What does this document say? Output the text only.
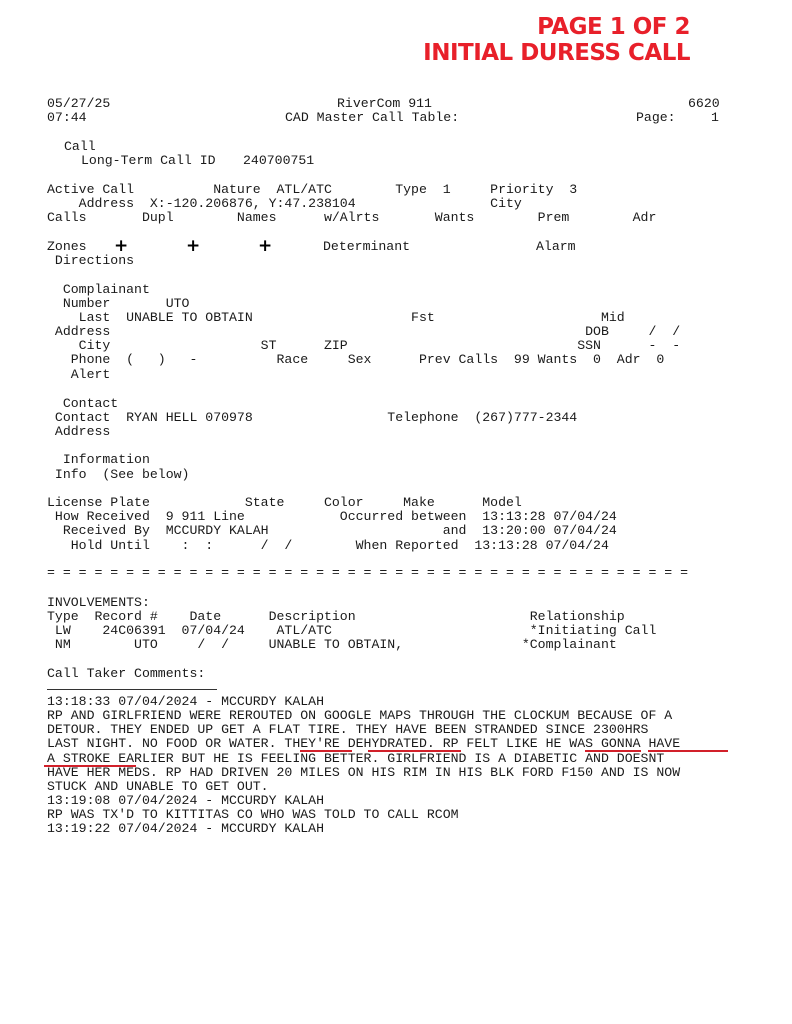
PAGE 1 OF 2
INITIAL DURESS CALL
05/27/25
07:44
RiverCom 911
CAD Master Call Table:
6620
Page:	1
Call
Long-Term Call ID 240700751
Active Call          Nature  ATL/ATC        Type  1     Priority  3
Address  X:-120.206876, Y:47.238104                 City
Calls       Dupl        Names      w/Alrts       Wants        Prem        Adr
Zones +	+	+	Determinant	Alarm
Directions
Complainant
Number       UTO
Last  UNABLE TO OBTAIN                    Fst                     Mid
Address                                                            DOB     /  /
City                   ST      ZIP                             SSN      -  -
Phone  (   )   -          Race     Sex      Prev Calls  99 Wants  0  Adr  0
Alert
Contact
Contact  RYAN HELL 070978                 Telephone  (267)777-2344
Address
Information
Info  (See below)
License Plate            State     Color     Make      Model
How Received  9 911 Line            Occurred between  13:13:28 07/04/24
Received By  MCCURDY KALAH                      and  13:20:00 07/04/24
Hold Until    :  :      /  /        When Reported  13:13:28 07/04/24
= = = = = = = = = = = = = = = = = = = = = = = = = = = = = = = = = = = = = = = = =
INVOLVEMENTS:
Type  Record #    Date      Description                      Relationship
LW    24C06391  07/04/24    ATL/ATC                         *Initiating Call
NM        UTO     /  /     UNABLE TO OBTAIN,               *Complainant
Call Taker Comments:
13:18:33 07/04/2024 - MCCURDY KALAH
RP AND GIRLFRIEND WERE REROUTED ON GOOGLE MAPS THROUGH THE CLOCKUM BECAUSE OF A
DETOUR. THEY ENDED UP GET A FLAT TIRE. THEY HAVE BEEN STRANDED SINCE 2300HRS
LAST NIGHT. NO FOOD OR WATER. THEY'RE DEHYDRATED. RP FELT LIKE HE WAS GONNA HAVE
A STROKE EARLIER BUT HE IS FEELING BETTER. GIRLFRIEND IS A DIABETIC AND DOESNT
HAVE HER MEDS. RP HAD DRIVEN 20 MILES ON HIS RIM IN HIS BLK FORD F150 AND IS NOW
STUCK AND UNABLE TO GET OUT.
13:19:08 07/04/2024 - MCCURDY KALAH
RP WAS TX'D TO KITTITAS CO WHO WAS TOLD TO CALL RCOM
13:19:22 07/04/2024 - MCCURDY KALAH
